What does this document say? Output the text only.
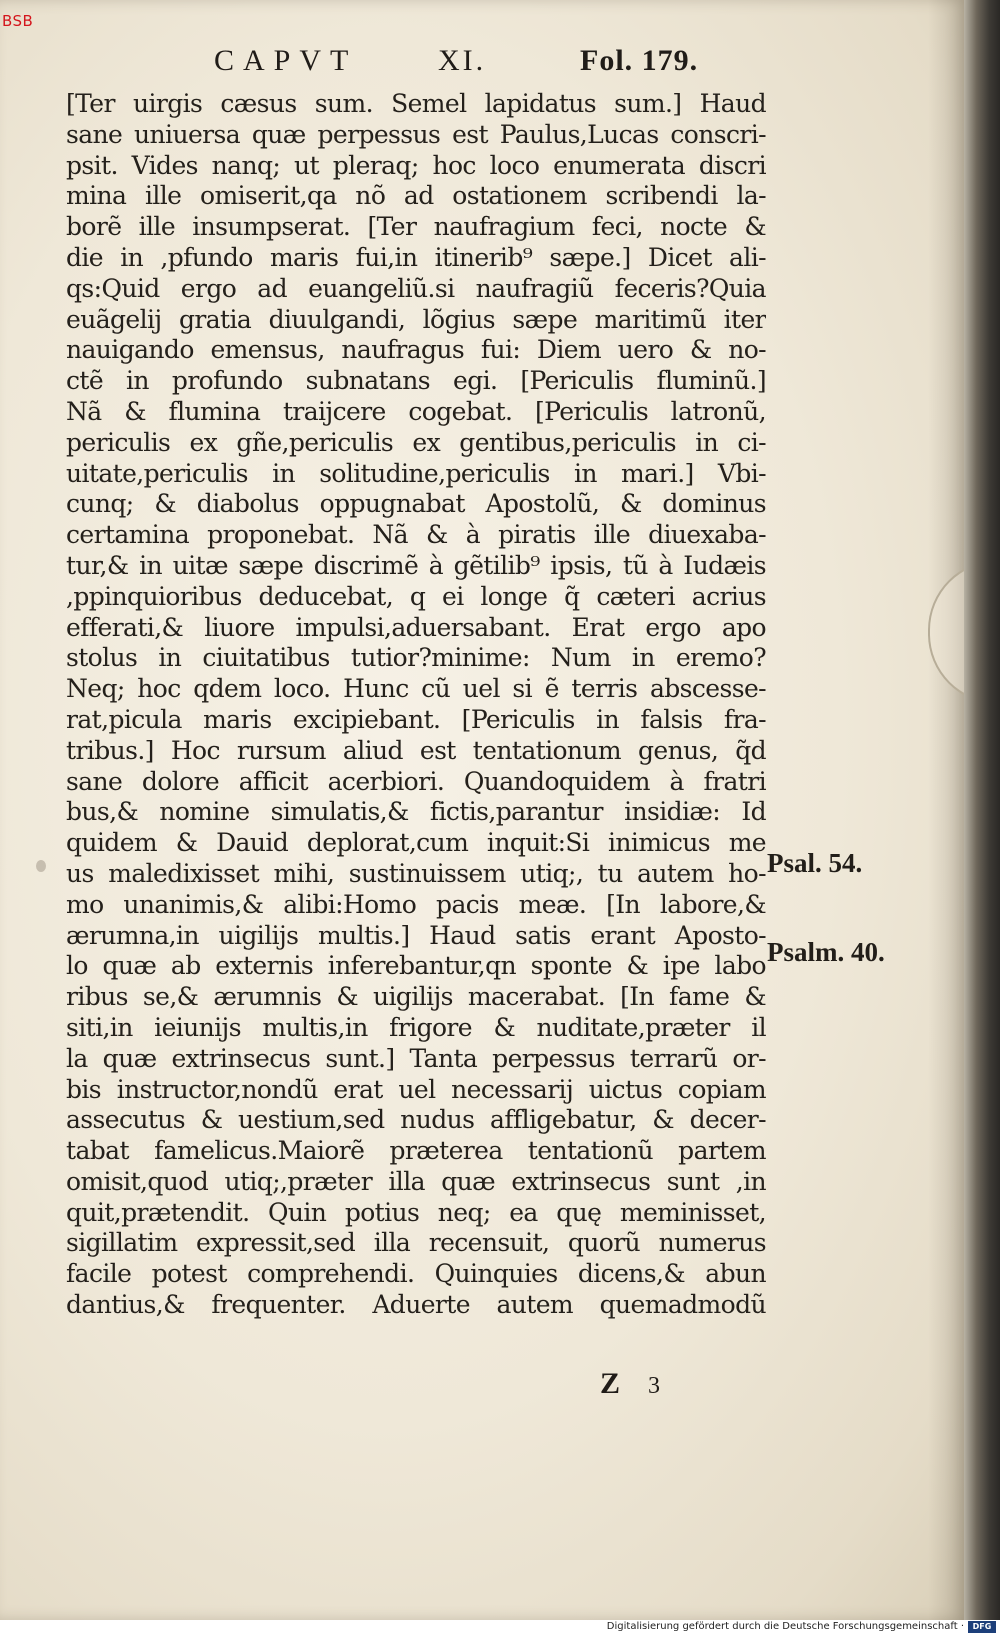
CAPVT	XI.	Fol. 179.
[Ter uirgis cæsus sum. Semel lapidatus sum.] Haud
sane uniuersa quæ perpessus est Paulus,Lucas conscri-
psit. Vides nanq; ut pleraq; hoc loco enumerata discri
mina ille omiserit,qa nõ ad ostationem scribendi la-
borẽ ille insumpserat. [Ter naufragium feci, nocte &
die in ,pfundo maris fui,in itinerib⁹ sæpe.] Dicet ali-
qs:Quid ergo ad euangeliũ.si naufragiũ feceris?Quia
euãgelij gratia diuulgandi, lõgius sæpe maritimũ iter
nauigando emensus, naufragus fui: Diem uero & no-
ctẽ in profundo subnatans egi. [Periculis fluminũ.]
Nã & flumina traijcere cogebat. [Periculis latronũ,
periculis ex gñe,periculis ex gentibus,periculis in ci-
uitate,periculis in solitudine,periculis in mari.] Vbi-
cunq; & diabolus oppugnabat Apostolũ, & dominus
certamina proponebat. Nã & à piratis ille diuexaba-
tur,& in uitæ sæpe discrimẽ à gẽtilib⁹ ipsis, tũ à Iudæis
,ppinquioribus deducebat, q ei longe q̃ cæteri acrius
efferati,& liuore impulsi,aduersabant. Erat ergo apo
stolus in ciuitatibus tutior?minime: Num in eremo?
Neq; hoc qdem loco. Hunc cũ uel si ẽ terris abscesse-
rat,picula maris excipiebant. [Periculis in falsis fra-
tribus.] Hoc rursum aliud est tentationum genus, q̃d
sane dolore afficit acerbiori. Quandoquidem à fratri
bus,& nomine simulatis,& fictis,parantur insidiæ: Id
quidem & Dauid deplorat,cum inquit:Si inimicus me
us maledixisset mihi, sustinuissem utiq;, tu autem ho-
mo unanimis,& alibi:Homo pacis meæ. [In labore,&
ærumna,in uigilijs multis.] Haud satis erant Aposto-
lo quæ ab externis inferebantur,qn sponte & ipe labo
ribus se,& ærumnis & uigilijs macerabat. [In fame &
siti,in ieiunijs multis,in frigore & nuditate,præter il
la quæ extrinsecus sunt.] Tanta perpessus terrarũ or-
bis instructor,nondũ erat uel necessarij uictus copiam
assecutus & uestium,sed nudus affligebatur, & decer-
tabat famelicus.Maiorẽ præterea tentationũ partem
omisit,quod utiq;,præter illa quæ extrinsecus sunt ,in
quit,prætendit. Quin potius neq; ea quę meminisset,
sigillatim expressit,sed illa recensuit, quorũ numerus
facile potest comprehendi. Quinquies dicens,& abun
dantius,& frequenter. Aduerte autem quemadmodũ
Psal. 54.
Psalm. 40.
Z 3
BSB
Digitalisierung gefördert durch die Deutsche Forschungsgemeinschaft ·	DFG
